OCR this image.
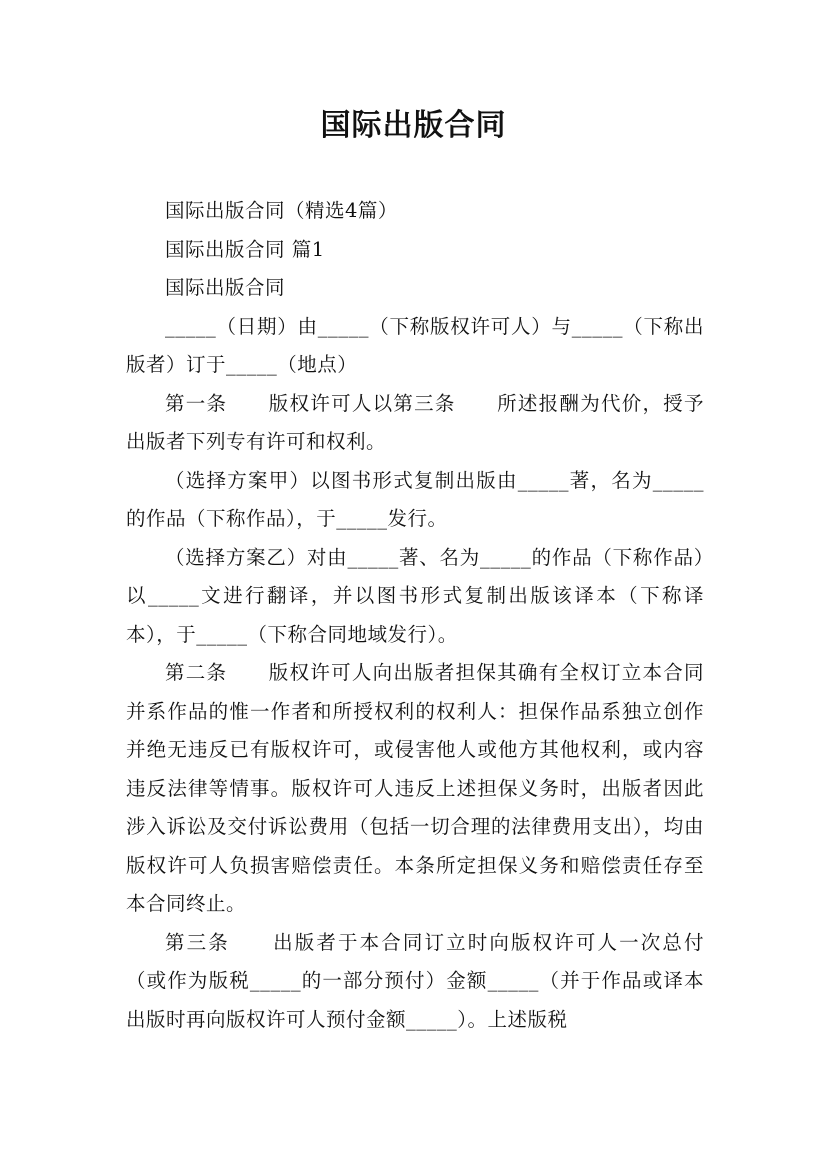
国际出版合同

国际出版合同（精选4篇）

国际出版合同 篇1

国际出版合同

_____（日期）由_____（下称版权许可人）与_____（下称出版者）订于_____（地点）

第一条　　版权许可人以第三条　　所述报酬为代价，授予出版者下列专有许可和权利。

（选择方案甲）以图书形式复制出版由_____著，名为_____的作品（下称作品），于_____发行。

（选择方案乙）对由_____著、名为_____的作品（下称作品）以_____文进行翻译，并以图书形式复制出版该译本（下称译本），于_____（下称合同地域发行）。

第二条　　版权许可人向出版者担保其确有全权订立本合同并系作品的惟一作者和所授权利的权利人：担保作品系独立创作并绝无违反已有版权许可，或侵害他人或他方其他权利，或内容违反法律等情事。版权许可人违反上述担保义务时，出版者因此涉入诉讼及交付诉讼费用（包括一切合理的法律费用支出），均由版权许可人负损害赔偿责任。本条所定担保义务和赔偿责任存至本合同终止。

第三条　　出版者于本合同订立时向版权许可人一次总付（或作为版税_____的一部分预付）金额_____（并于作品或译本出版时再向版权许可人预付金额_____）。上述版税
